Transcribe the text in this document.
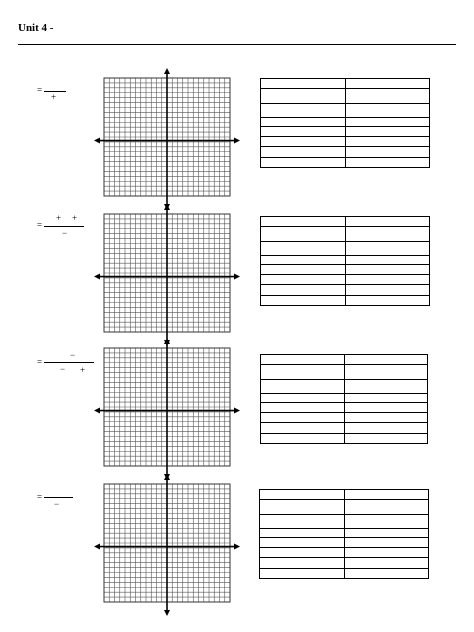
Unit 4 -
=
+

=
+ +
−

=
−
− +

=
−
